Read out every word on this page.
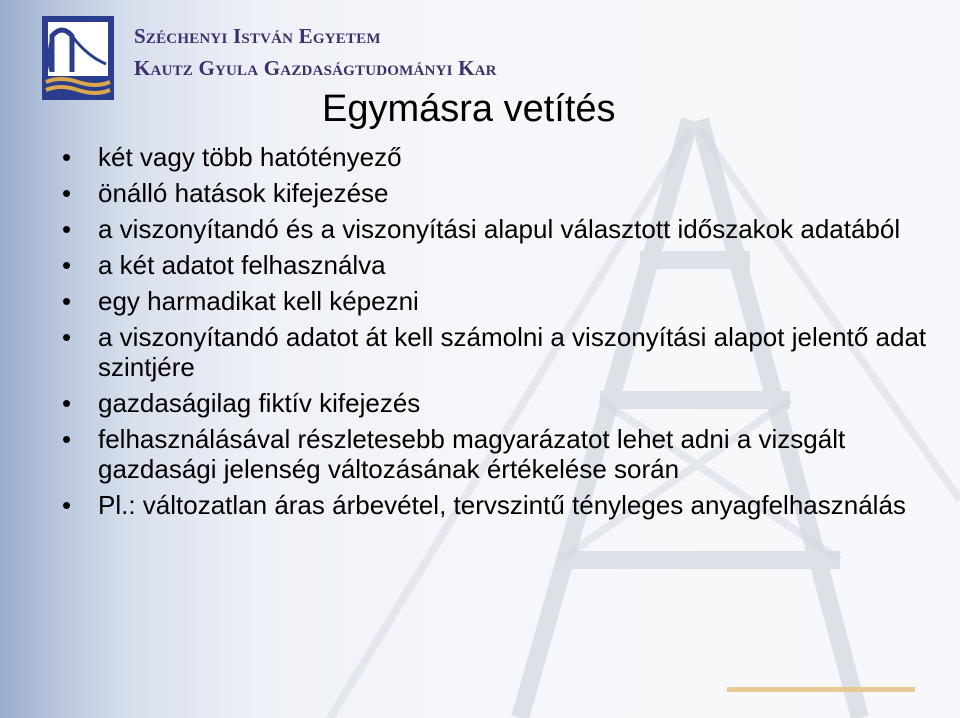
Széchenyi István Egyetem
Kautz Gyula Gazdaságtudományi Kar
Egymásra vetítés
• két vagy több hatótényező
• önálló hatások kifejezése
• a viszonyítandó és a viszonyítási alapul választott időszakok adatából
• a két adatot felhasználva
• egy harmadikat kell képezni
• a viszonyítandó adatot át kell számolni a viszonyítási alapot jelentő adat szintjére
• gazdaságilag fiktív kifejezés
• felhasználásával részletesebb magyarázatot lehet adni a vizsgált gazdasági jelenség változásának értékelése során
• Pl.: változatlan áras árbevétel, tervszintű tényleges anyagfelhasználás
